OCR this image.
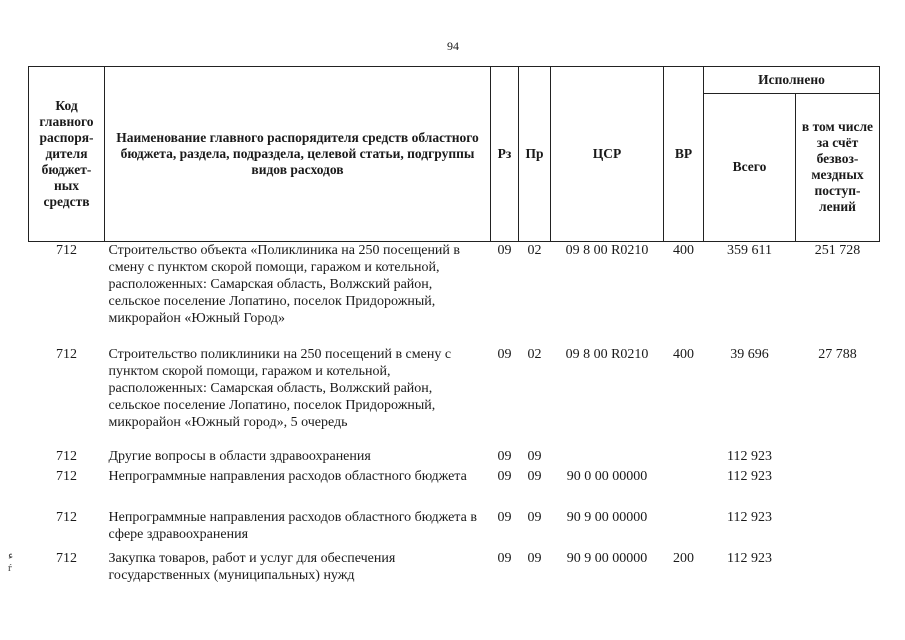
94
ء
ŕ
Код главного распоря-дителя бюджет-ных средств	Наименование главного распорядителя средств областного бюджета, раздела, подраздела, целевой статьи, подгруппы видов расходов	Рз	Пр	ЦСР	ВР	Исполнено	
						Всего	в том числе за счёт безвоз-мездных поступ-лений
712	Строительство объекта «Поликлиника на 250 посещений в смену с пунктом скорой помощи, гаражом и котельной, расположенных: Самарская область, Волжский район, сельское поселение Лопатино, поселок Придорожный, микрорайон «Южный Город»	09	02	09 8 00 R0210	400	359 611	251 728
712	Строительство поликлиники на 250 посещений в смену с пунктом скорой помощи, гаражом и котельной, расположенных: Самарская область, Волжский район, сельское поселение Лопатино, поселок Придорожный, микрорайон «Южный город», 5 очередь	09	02	09 8 00 R0210	400	39 696	27 788
712	Другие вопросы в области здравоохранения	09	09			112 923	
712	Непрограммные направления расходов областного бюджета	09	09	90 0 00 00000		112 923	
712	Непрограммные направления расходов областного бюджета в сфере здравоохранения	09	09	90 9 00 00000		112 923	
712	Закупка товаров, работ и услуг для обеспечения государственных (муниципальных) нужд	09	09	90 9 00 00000	200	112 923	
